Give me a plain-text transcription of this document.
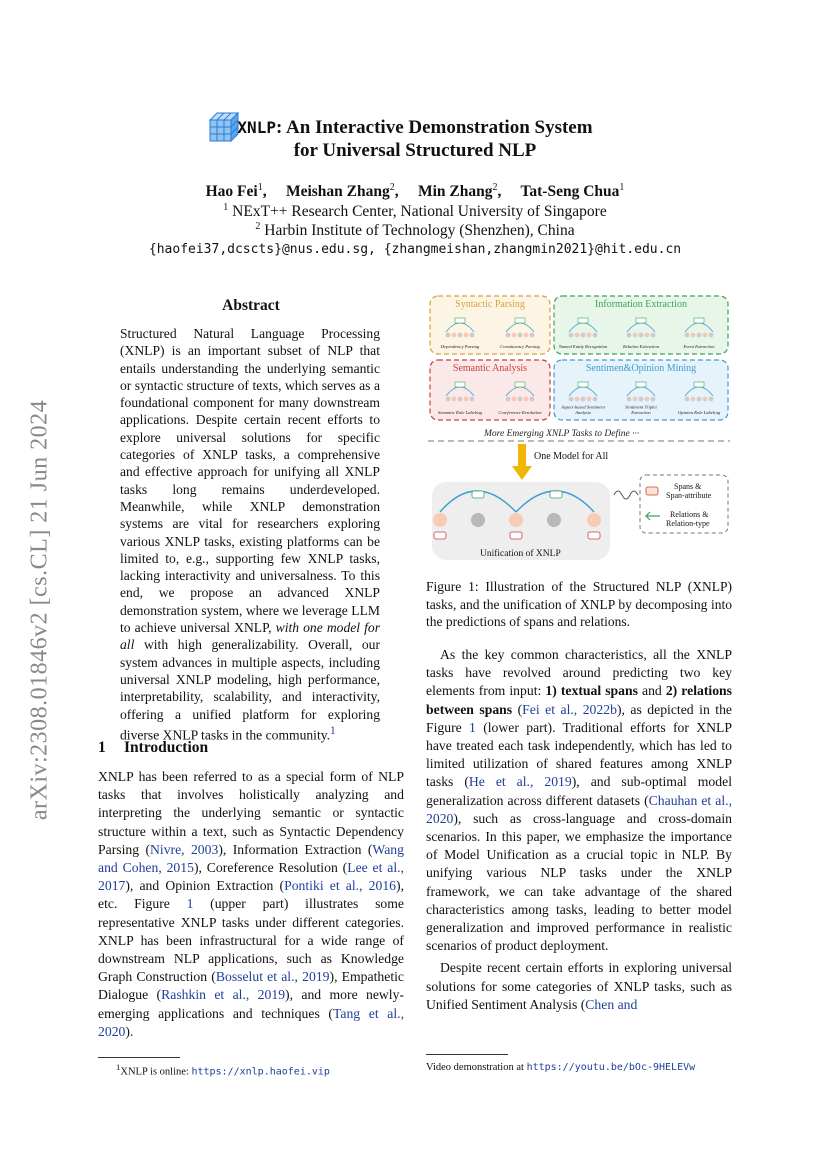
arXiv:2308.01846v2 [cs.CL] 21 Jun 2024
XNLP: An Interactive Demonstration System
for Universal Structured NLP
Hao Fei$^1$,     Meishan Zhang$^2$,     Min Zhang$^2$,     Tat-Seng Chua$^1$
$^1$ NExT++ Research Center, National University of Singapore
$^2$ Harbin Institute of Technology (Shenzhen), China
{haofei37,dcscts}@nus.edu.sg, {zhangmeishan,zhangmin2021}@hit.edu.cn
Abstract
Structured Natural Language Processing (XNLP) is an important subset of NLP that entails understanding the underlying semantic or syntactic structure of texts, which serves as a foundational component for many downstream applications. Despite certain recent efforts to explore universal solutions for specific categories of XNLP tasks, a comprehensive and effective approach for unifying all XNLP tasks long remains underdeveloped. Meanwhile, while XNLP demonstration systems are vital for researchers exploring various XNLP tasks, existing platforms can be limited to, e.g., supporting few XNLP tasks, lacking interactivity and universalness. To this end, we propose an advanced XNLP demonstration system, where we leverage LLM to achieve universal XNLP, with one model for all with high generalizability. Overall, our system advances in multiple aspects, including universal XNLP modeling, high performance, interpretability, scalability, and interactivity, offering a unified platform for exploring diverse XNLP tasks in the community.$^1$
1 Introduction

XNLP has been referred to as a special form of NLP tasks that involves holistically analyzing and interpreting the underlying semantic or syntactic structure within a text, such as Syntactic Dependency Parsing (Nivre, 2003), Information Extraction (Wang and Cohen, 2015), Coreference Resolution (Lee et al., 2017), and Opinion Extraction (Pontiki et al., 2016), etc. Figure 1 (upper part) illustrates some representative XNLP tasks under different categories. XNLP has been infrastructural for a wide range of downstream NLP applications, such as Knowledge Graph Construction (Bosselut et al., 2019), Empathetic Dialogue (Rashkin et al., 2019), and more newly-emerging applications and techniques (Tang et al., 2020).

$^1$XNLP is online: https://xnlp.haofei.vip
Syntactic Parsing
Dependency Parsing	Constituency Parsing
Information Extraction
Named Entity Recognition	Relation Extraction	Event Extraction
Semantic Analysis
Semantic Role Labeling	Coreference Resolution
Sentimen&Opinion Mining
Aspect-based Sentiment
Analysis
Sentiment Triplet
Extraction	Opinion Role Labeling
More Emerging XNLP Tasks to Define ···
One Model for All
Unification of XNLP
Spans &
Span-attribute
Relations &
Relation-type
Figure 1: Illustration of the Structured NLP (XNLP) tasks, and the unification of XNLP by decomposing into the predictions of spans and relations.

As the key common characteristics, all the XNLP tasks have revolved around predicting two key elements from input: 1) textual spans and 2) relations between spans (Fei et al., 2022b), as depicted in the Figure 1 (lower part). Traditional efforts for XNLP have treated each task independently, which has led to limited utilization of shared features among XNLP tasks (He et al., 2019), and sub-optimal model generalization across different datasets (Chauhan et al., 2020), such as cross-language and cross-domain scenarios. In this paper, we emphasize the importance of Model Unification as a crucial topic in NLP. By unifying various NLP tasks under the XNLP framework, we can take advantage of the shared characteristics among tasks, leading to better model generalization and improved performance in realistic scenarios of product deployment.

Despite recent certain efforts in exploring universal solutions for some categories of XNLP tasks, such as Unified Sentiment Analysis (Chen and

Video demonstration at https://youtu.be/bOc-9HELEVw
